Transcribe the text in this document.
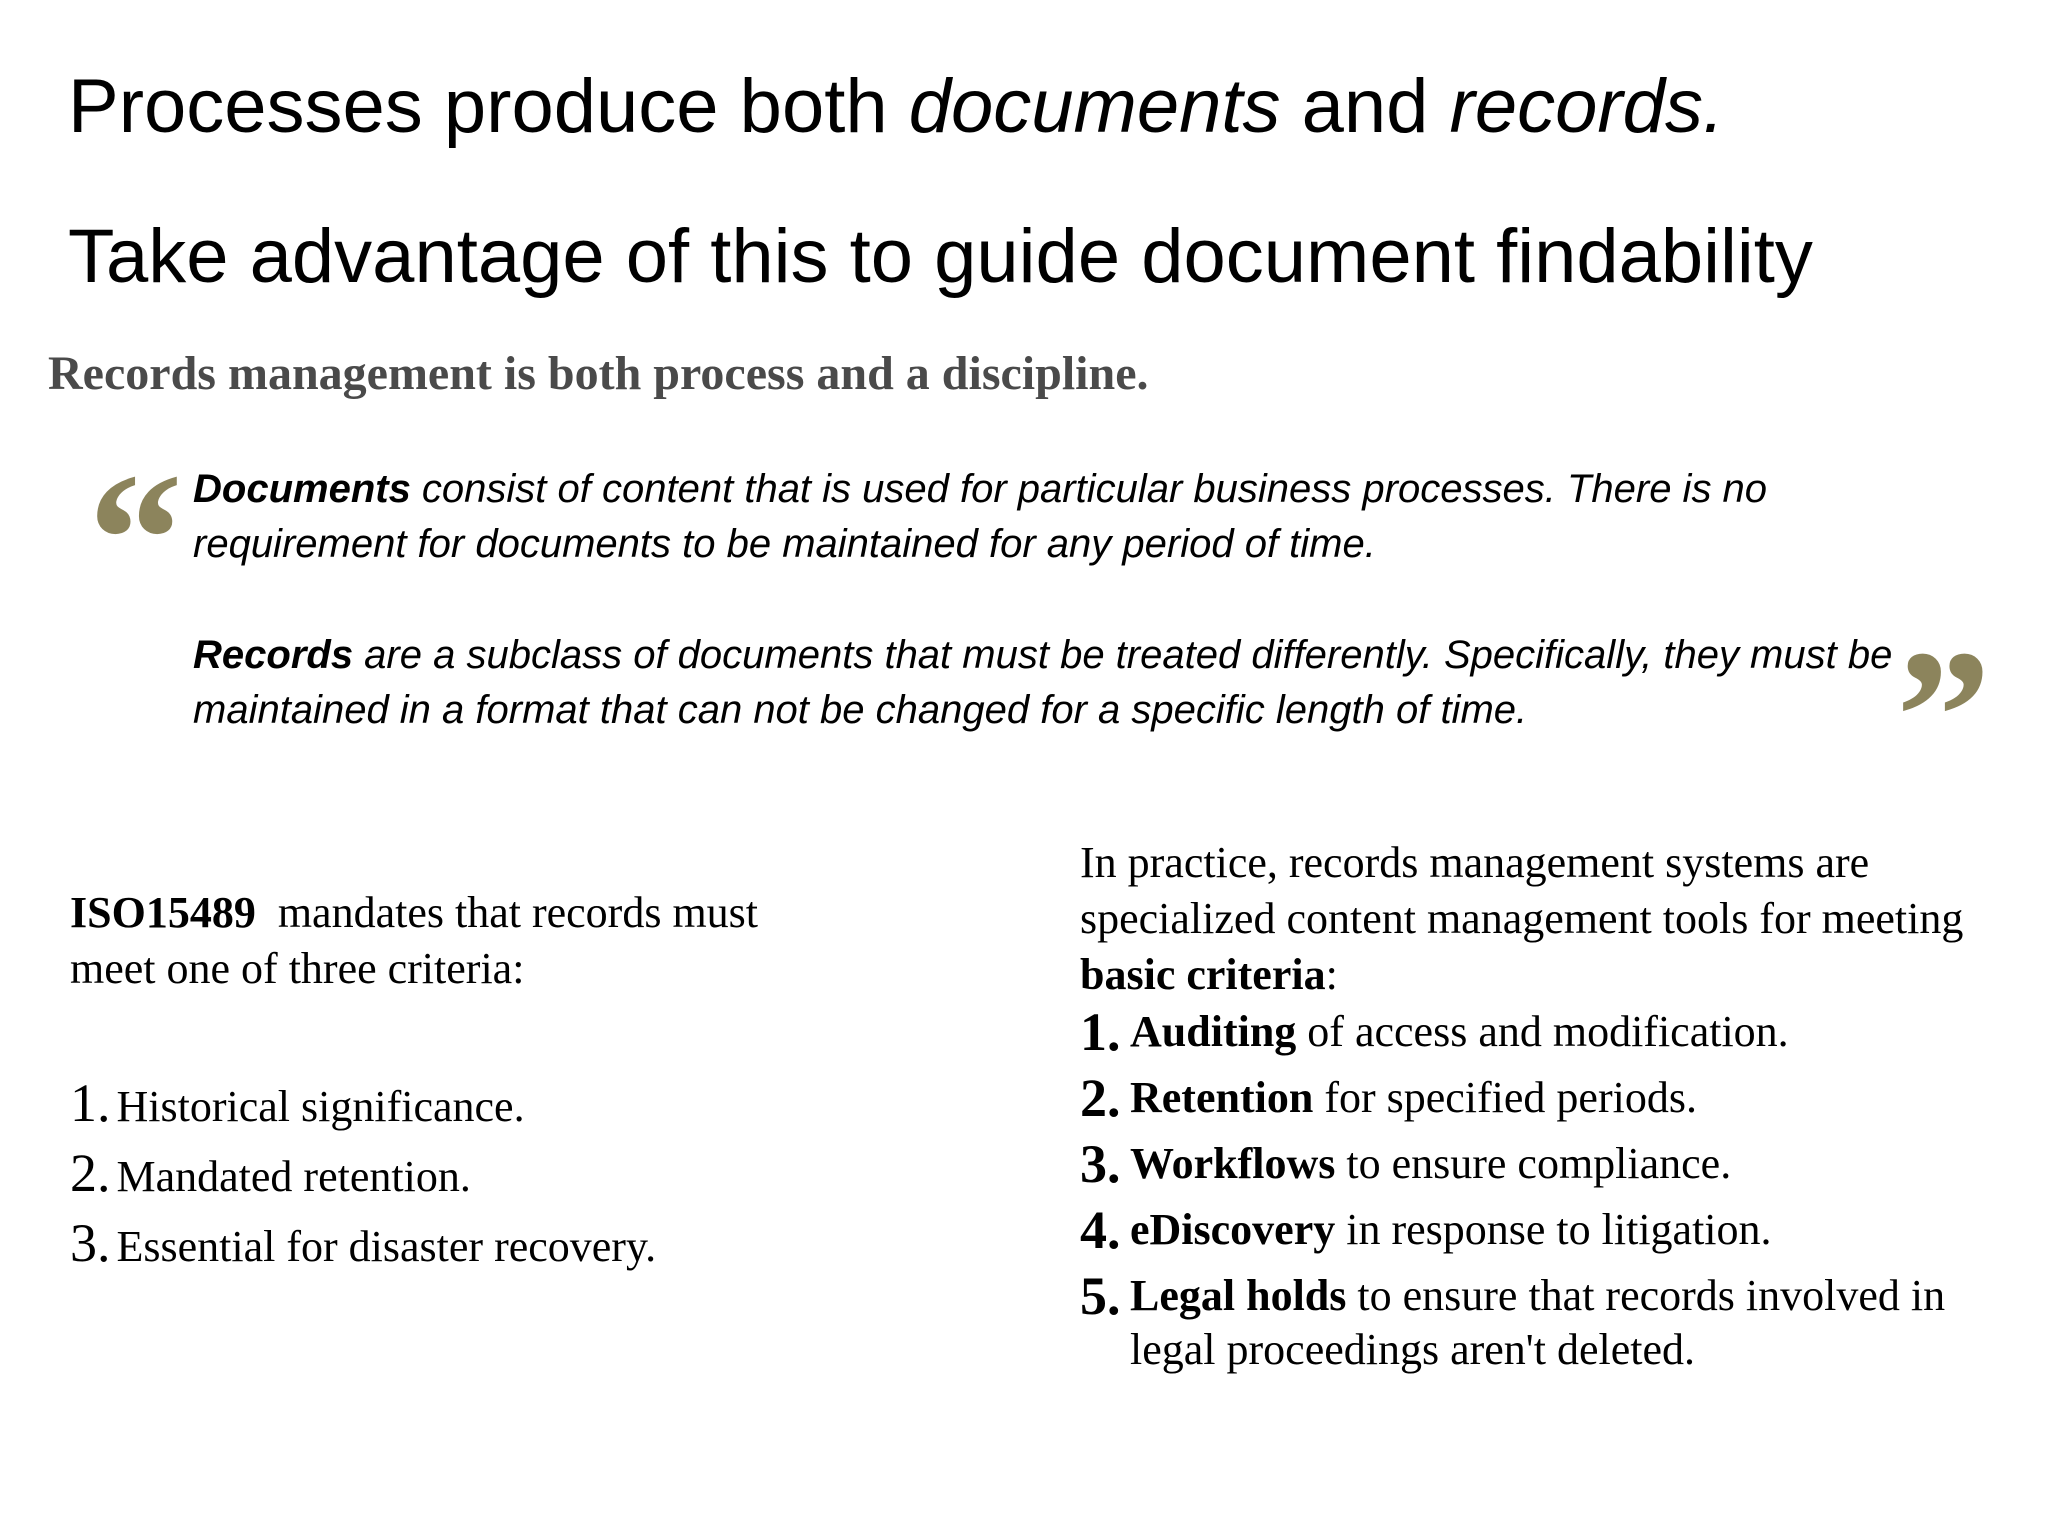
Processes produce both documents and records.
Take advantage of this to guide document findability
Records management is both process and a discipline.
“ Documents consist of content that is used for particular business processes. There is no requirement for documents to be maintained for any period of time.
Records are a subclass of documents that must be treated differently. Specifically, they must be maintained in a format that can not be changed for a specific length of time.	”
ISO15489  mandates that records must meet one of three criteria:
1. Historical significance.
2. Mandated retention.
3. Essential for disaster recovery.
In practice, records management systems are specialized content management tools for meeting basic criteria:
1. Auditing of access and modification.
2. Retention for specified periods.
3. Workflows to ensure compliance.
4. eDiscovery in response to litigation.
5. Legal holds to ensure that records involved in legal proceedings aren't deleted.
